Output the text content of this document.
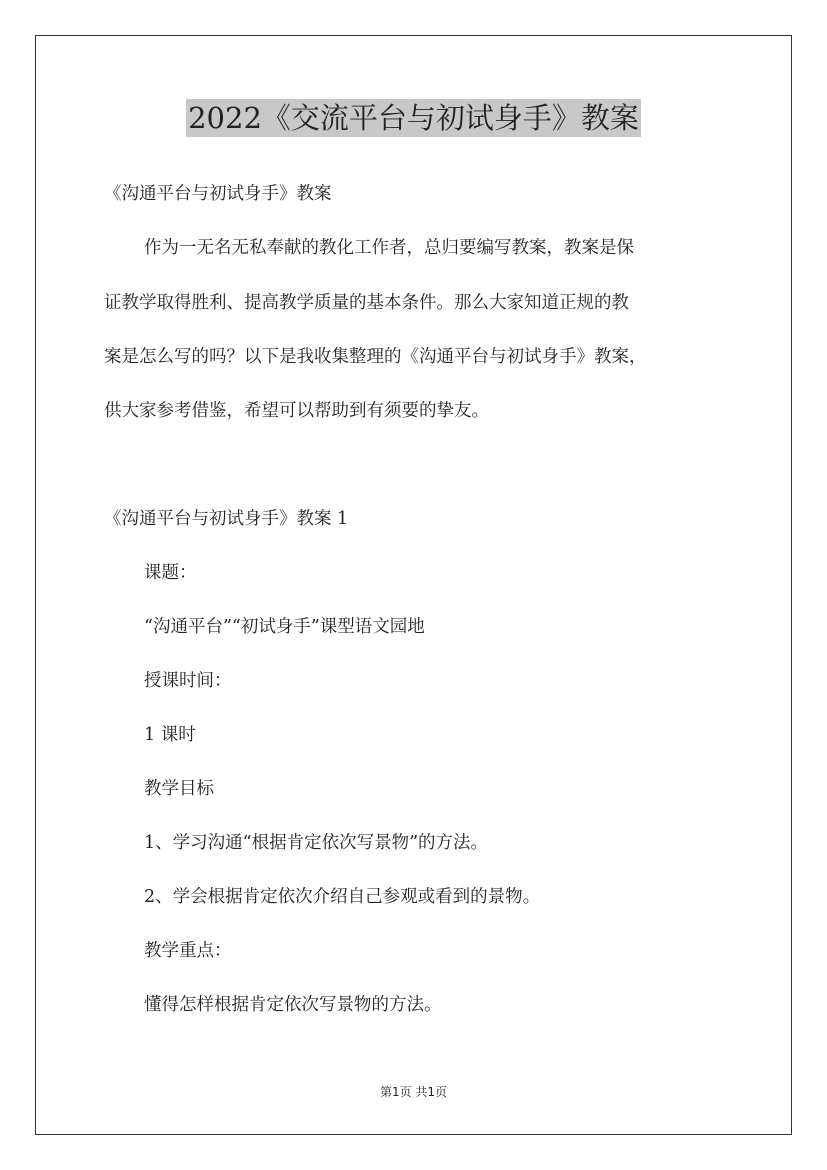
2022《交流平台与初试身手》教案
《沟通平台与初试身手》教案
作为一无名无私奉献的教化工作者，总归要编写教案，教案是保
证教学取得胜利、提高教学质量的基本条件。那么大家知道正规的教
案是怎么写的吗？以下是我收集整理的《沟通平台与初试身手》教案，
供大家参考借鉴，希望可以帮助到有须要的挚友。
《沟通平台与初试身手》教案 1
课题：
“沟通平台”“初试身手”课型语文园地
授课时间：
1 课时
教学目标
1、学习沟通“根据肯定依次写景物”的方法。
2、学会根据肯定依次介绍自己参观或看到的景物。
教学重点：
懂得怎样根据肯定依次写景物的方法。
第1页 共1页
